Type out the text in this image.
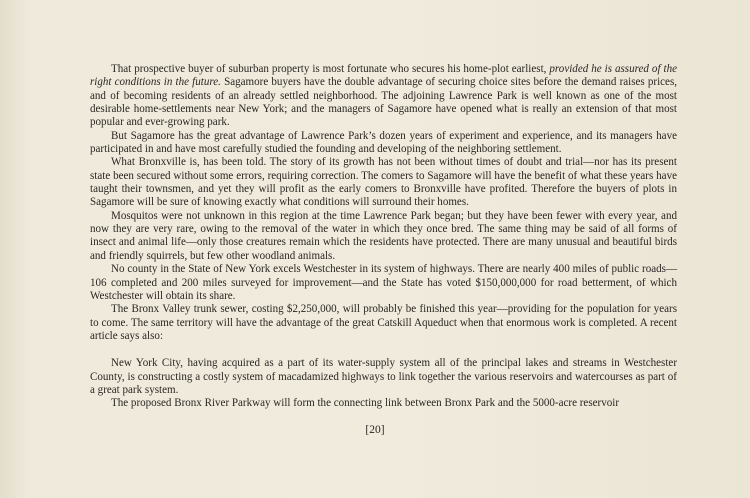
That prospective buyer of suburban property is most fortunate who secures his home-plot earliest, provided he is assured of the right conditions in the future. Sagamore buyers have the double advantage of securing choice sites before the demand raises prices, and of becoming residents of an already settled neighborhood. The adjoining Lawrence Park is well known as one of the most desirable home-settlements near New York; and the managers of Sagamore have opened what is really an extension of that most popular and ever-growing park.

But Sagamore has the great advantage of Lawrence Park’s dozen years of experiment and experience, and its managers have participated in and have most carefully studied the founding and developing of the neighboring settlement.

What Bronxville is, has been told. The story of its growth has not been without times of doubt and trial—nor has its present state been secured without some errors, requiring correction. The comers to Sagamore will have the benefit of what these years have taught their townsmen, and yet they will profit as the early comers to Bronxville have profited. Therefore the buyers of plots in Sagamore will be sure of knowing exactly what conditions will surround their homes.

Mosquitos were not unknown in this region at the time Lawrence Park began; but they have been fewer with every year, and now they are very rare, owing to the removal of the water in which they once bred. The same thing may be said of all forms of insect and animal life—only those creatures remain which the residents have protected. There are many unusual and beautiful birds and friendly squirrels, but few other woodland animals.

No county in the State of New York excels Westchester in its system of highways. There are nearly 400 miles of public roads—106 completed and 200 miles surveyed for improvement—and the State has voted $150,000,000 for road betterment, of which Westchester will obtain its share.

The Bronx Valley trunk sewer, costing $2,250,000, will probably be finished this year—providing for the population for years to come. The same territory will have the advantage of the great Catskill Aqueduct when that enormous work is completed. A recent article says also:

New York City, having acquired as a part of its water-supply system all of the principal lakes and streams in Westchester County, is constructing a costly system of macadamized highways to link together the various reservoirs and watercourses as part of a great park system.

The proposed Bronx River Parkway will form the connecting link between Bronx Park and the 5000-acre reservoir

[20]
